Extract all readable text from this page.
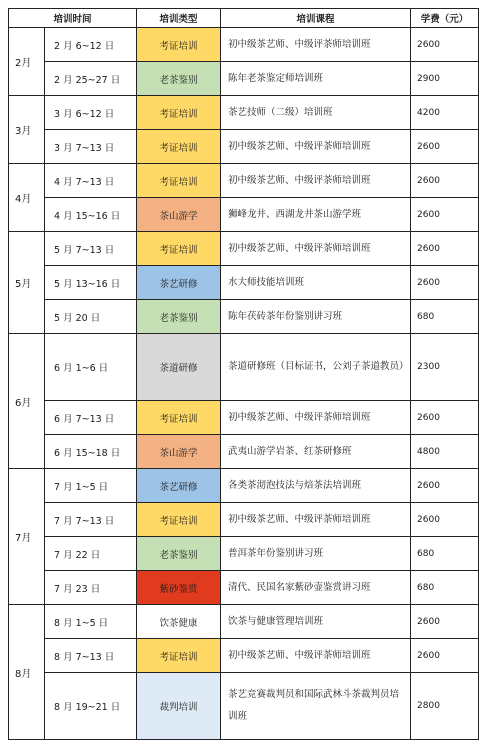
培训时间		培训类型	培训课程	学费（元）
2月	2 月 6~12 日	考证培训	初中级茶艺师、中级评茶师培训班	2600
	2 月 25~27 日	老茶鉴别	陈年老茶鉴定师培训班	2900
3月	3 月 6~12 日	考证培训	茶艺技师（二级）培训班	4200
	3 月 7~13 日	考证培训	初中级茶艺师、中级评茶师培训班	2600
4月	4 月 7~13 日	考证培训	初中级茶艺师、中级评茶师培训班	2600
	4 月 15~16 日	茶山游学	狮峰龙井、西湖龙井茶山游学班	2600
5月	5 月 7~13 日	考证培训	初中级茶艺师、中级评茶师培训班	2600
	5 月 13~16 日	茶艺研修	水大师技能培训班	2600
	5 月 20 日	老茶鉴别	陈年茯砖茶年份鉴别讲习班	680
6月	6 月 1~6 日	茶道研修	茶道研修班（目标证书，公刘子茶道教员）	2300
	6 月 7~13 日	考证培训	初中级茶艺师、中级评茶师培训班	2600
	6 月 15~18 日	茶山游学	武夷山游学岩茶、红茶研修班	4800
7月	7 月 1~5 日	茶艺研修	各类茶沏泡技法与焙茶法培训班	2600
	7 月 7~13 日	考证培训	初中级茶艺师、中级评茶师培训班	2600
	7 月 22 日	老茶鉴别	普洱茶年份鉴别讲习班	680
	7 月 23 日	紫砂鉴赏	清代、民国名家紫砂壶鉴赏讲习班	680
8月	8 月 1~5 日	饮茶健康	饮茶与健康管理培训班	2600
	8 月 7~13 日	考证培训	初中级茶艺师、中级评茶师培训班	2600
	8 月 19~21 日	裁判培训	茶艺竞赛裁判员和国际武林斗茶裁判员培训班	2800
